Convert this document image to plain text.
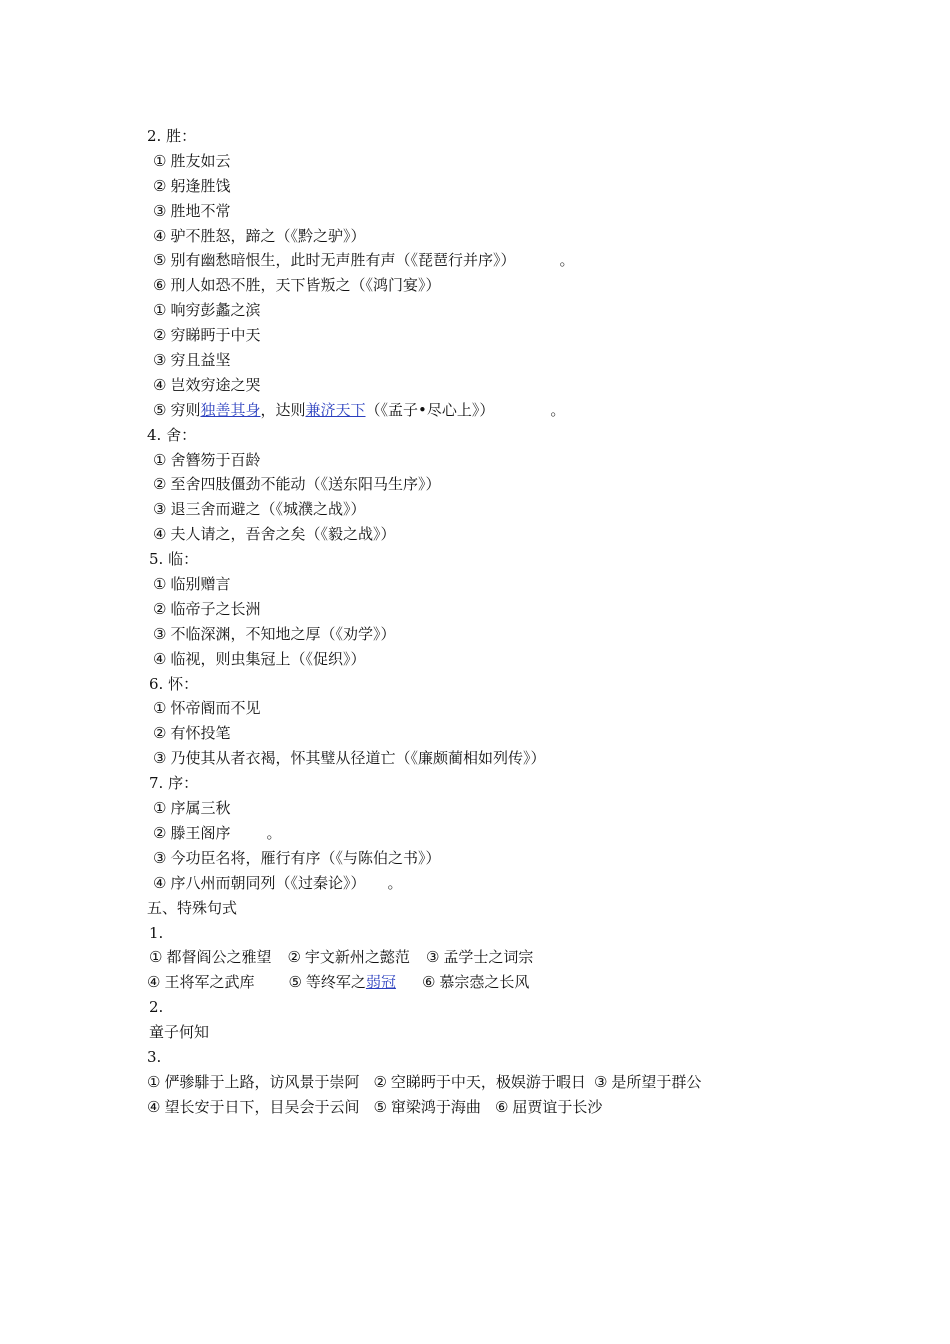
2. 胜：
① 胜友如云
② 躬逢胜饯
③ 胜地不常
④ 驴不胜怒，蹄之（《黔之驴》）
⑤ 别有幽愁暗恨生，此时无声胜有声（《琵琶行并序》）	。
⑥ 刑人如恐不胜，天下皆叛之（《鸿门宴》）
① 响穷彭蠡之滨
② 穷睇眄于中天
③ 穷且益坚
④ 岂效穷途之哭
⑤ 穷则独善其身，达则兼济天下（《孟子•尽心上》）	。
4. 舍：
① 舍簪笏于百龄
② 至舍四肢僵劲不能动（《送东阳马生序》）
③ 退三舍而避之（《城濮之战》）
④ 夫人请之，吾舍之矣（《毅之战》）
5. 临：
① 临别赠言
② 临帝子之长洲
③ 不临深渊，不知地之厚（《劝学》）
④ 临视，则虫集冠上（《促织》）
6. 怀：
① 怀帝阍而不见
② 有怀投笔
③ 乃使其从者衣褐，怀其璧从径道亡（《廉颇蔺相如列传》）
7. 序：
① 序属三秋
② 滕王阁序 。
③ 今功臣名将，雁行有序（《与陈伯之书》）
④ 序八州而朝同列（《过秦论》） 。
五、特殊句式
1.
① 都督阎公之雅望 ② 宇文新州之懿范 ③ 孟学士之词宗
④ 王将军之武库 ⑤ 等终军之弱冠 ⑥ 慕宗悫之长风
2.
童子何知
3.
① 俨骖騑于上路，访风景于崇阿 ② 空睇眄于中天，极娱游于暇日 ③ 是所望于群公
④ 望长安于日下，目吴会于云间 ⑤ 窜梁鸿于海曲 ⑥ 屈贾谊于长沙
